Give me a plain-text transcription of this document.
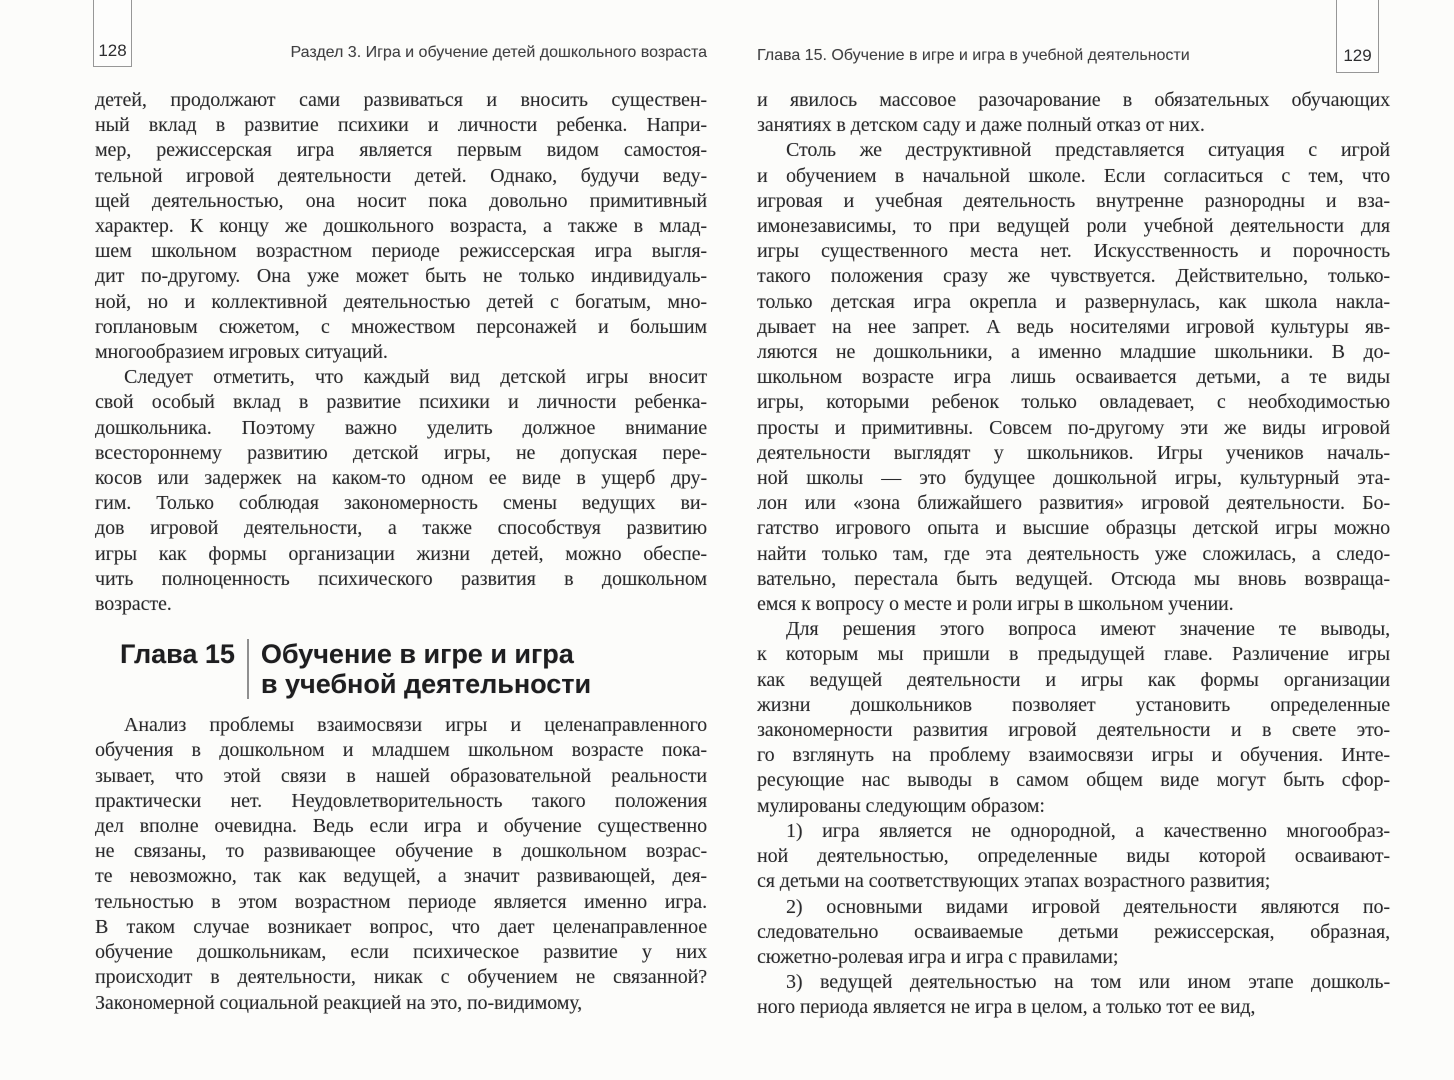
128	Раздел 3. Игра и обучение детей дошкольного возраста
детей, продолжают сами развиваться и вносить существен-
ный вклад в развитие психики и личности ребенка. Напри-
мер, режиссерская игра является первым видом самостоя-
тельной игровой деятельности детей. Однако, будучи веду-
щей деятельностью, она носит пока довольно примитивный
характер. К концу же дошкольного возраста, а также в млад-
шем школьном возрастном периоде режиссерская игра выгля-
дит по-другому. Она уже может быть не только индивидуаль-
ной, но и коллективной деятельностью детей с богатым, мно-
гоплановым сюжетом, с множеством персонажей и большим
многообразием игровых ситуаций.
Следует отметить, что каждый вид детской игры вносит
свой особый вклад в развитие психики и личности ребенка-
дошкольника. Поэтому важно уделить должное внимание
всестороннему развитию детской игры, не допуская пере-
косов или задержек на каком-то одном ее виде в ущерб дру-
гим. Только соблюдая закономерность смены ведущих ви-
дов игровой деятельности, а также способствуя развитию
игры как формы организации жизни детей, можно обеспе-
чить полноценность психического развития в дошкольном
возрасте.
Глава 15 Обучение в игре и игра
в учебной деятельности
Анализ проблемы взаимосвязи игры и целенаправленного
обучения в дошкольном и младшем школьном возрасте пока-
зывает, что этой связи в нашей образовательной реальности
практически нет. Неудовлетворительность такого положения
дел вполне очевидна. Ведь если игра и обучение существенно
не связаны, то развивающее обучение в дошкольном возрас-
те невозможно, так как ведущей, а значит развивающей, дея-
тельностью в этом возрастном периоде является именно игра.
В таком случае возникает вопрос, что дает целенаправленное
обучение дошкольникам, если психическое развитие у них
происходит в деятельности, никак с обучением не связанной?
Закономерной социальной реакцией на это, по-видимому,
129
Глава 15. Обучение в игре и игра в учебной деятельности
и явилось массовое разочарование в обязательных обучающих
занятиях в детском саду и даже полный отказ от них.
Столь же деструктивной представляется ситуация с игрой
и обучением в начальной школе. Если согласиться с тем, что
игровая и учебная деятельность внутренне разнородны и вза-
имонезависимы, то при ведущей роли учебной деятельности для
игры существенного места нет. Искусственность и порочность
такого положения сразу же чувствуется. Действительно, только-
только детская игра окрепла и развернулась, как школа накла-
дывает на нее запрет. А ведь носителями игровой культуры яв-
ляются не дошкольники, а именно младшие школьники. В до-
школьном возрасте игра лишь осваивается детьми, а те виды
игры, которыми ребенок только овладевает, с необходимостью
просты и примитивны. Совсем по-другому эти же виды игровой
деятельности выглядят у школьников. Игры учеников началь-
ной школы — это будущее дошкольной игры, культурный эта-
лон или «зона ближайшего развития» игровой деятельности. Бо-
гатство игрового опыта и высшие образцы детской игры можно
найти только там, где эта деятельность уже сложилась, а следо-
вательно, перестала быть ведущей. Отсюда мы вновь возвраща-
емся к вопросу о месте и роли игры в школьном учении.
Для решения этого вопроса имеют значение те выводы,
к которым мы пришли в предыдущей главе. Различение игры
как ведущей деятельности и игры как формы организации
жизни дошкольников позволяет установить определенные
закономерности развития игровой деятельности и в свете это-
го взглянуть на проблему взаимосвязи игры и обучения. Инте-
ресующие нас выводы в самом общем виде могут быть сфор-
мулированы следующим образом:
1) игра является не однородной, а качественно многообраз-
ной деятельностью, определенные виды которой осваивают-
ся детьми на соответствующих этапах возрастного развития;
2) основными видами игровой деятельности являются по-
следовательно осваиваемые детьми режиссерская, образная,
сюжетно-ролевая игра и игра с правилами;
3) ведущей деятельностью на том или ином этапе дошколь-
ного периода является не игра в целом, а только тот ее вид,
